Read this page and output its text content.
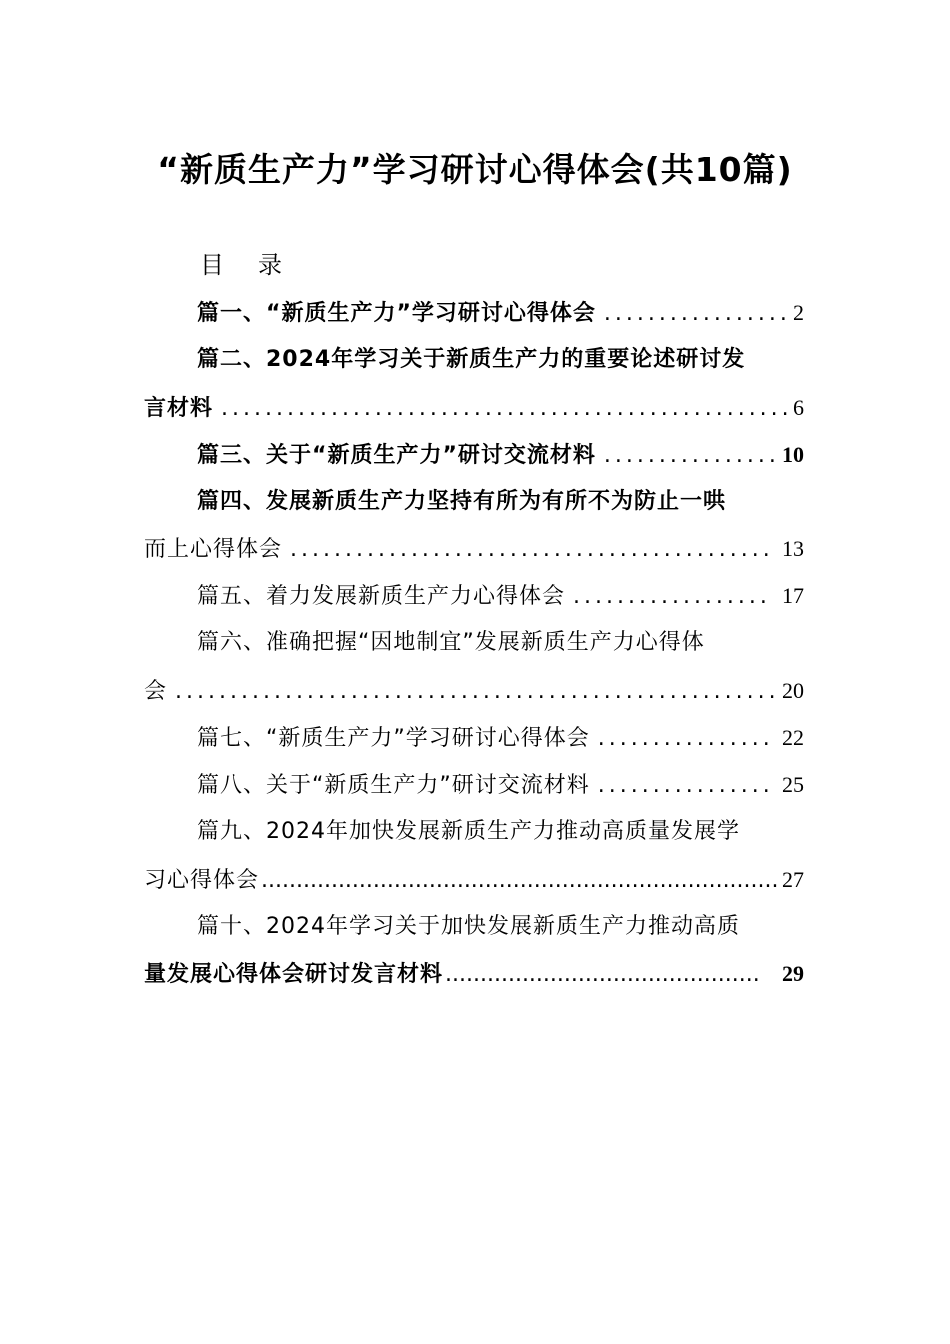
“新质生产力”学习研讨心得体会(共10篇)
目 录
篇一、“新质生产力”学习研讨心得体会 .....	2
篇二、2024年学习关于新质生产力的重要论述研讨发
言材料 .....	6
篇三、关于“新质生产力”研讨交流材料 .....	10
篇四、发展新质生产力坚持有所为有所不为防止一哄
而上心得体会 .....	13
篇五、着力发展新质生产力心得体会 .....	17
篇六、准确把握“因地制宜”发展新质生产力心得体
会 .....	20
篇七、“新质生产力”学习研讨心得体会 .....	22
篇八、关于“新质生产力”研讨交流材料 .....	25
篇九、2024年加快发展新质生产力推动高质量发展学
习心得体会 .....	27
篇十、2024年学习关于加快发展新质生产力推动高质
量发展心得体会研讨发言材料 .....	29
